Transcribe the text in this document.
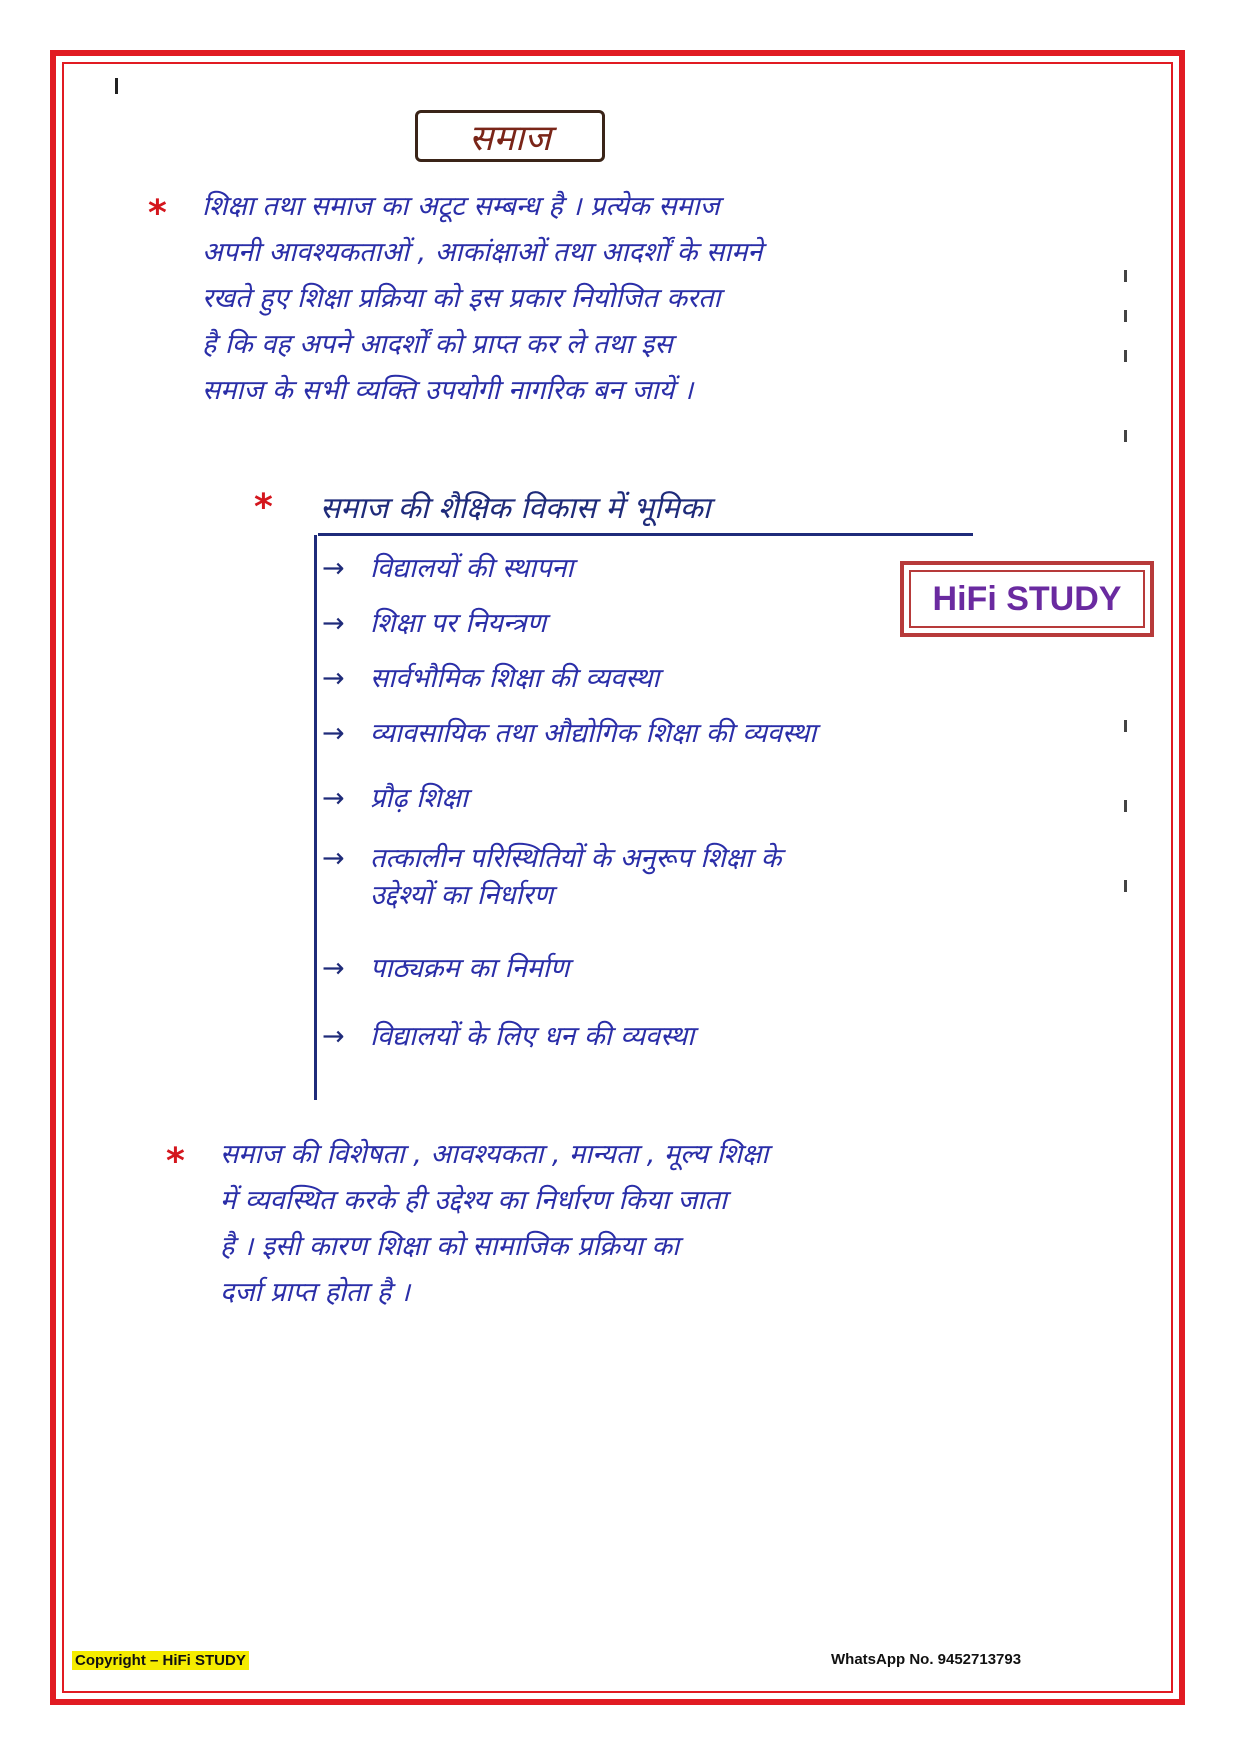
समाज
* शिक्षा तथा समाज का अटूट सम्बन्ध है । प्रत्येक समाज
अपनी आवश्यकताओं , आकांक्षाओं तथा आदर्शों के सामने
रखते हुए शिक्षा प्रक्रिया को इस प्रकार नियोजित करता
है कि वह अपने आदर्शों को प्राप्त कर ले तथा इस
समाज के सभी व्यक्ति उपयोगी नागरिक बन जायें ।
* समाज की शैक्षिक विकास में भूमिका
→ विद्यालयों की स्थापना
→ शिक्षा पर नियन्त्रण
→ सार्वभौमिक शिक्षा की व्यवस्था
→ व्यावसायिक तथा औद्योगिक शिक्षा की व्यवस्था
→ प्रौढ़ शिक्षा
→ तत्कालीन परिस्थितियों के अनुरूप शिक्षा के
उद्देश्यों का निर्धारण
→ पाठ्यक्रम का निर्माण
→ विद्यालयों के लिए धन की व्यवस्था
HiFi STUDY
* समाज की विशेषता , आवश्यकता , मान्यता , मूल्य शिक्षा
में व्यवस्थित करके ही उद्देश्य का निर्धारण किया जाता
है । इसी कारण शिक्षा को सामाजिक प्रक्रिया का
दर्जा प्राप्त होता है ।
Copyright – HiFi STUDY	WhatsApp No. 9452713793
